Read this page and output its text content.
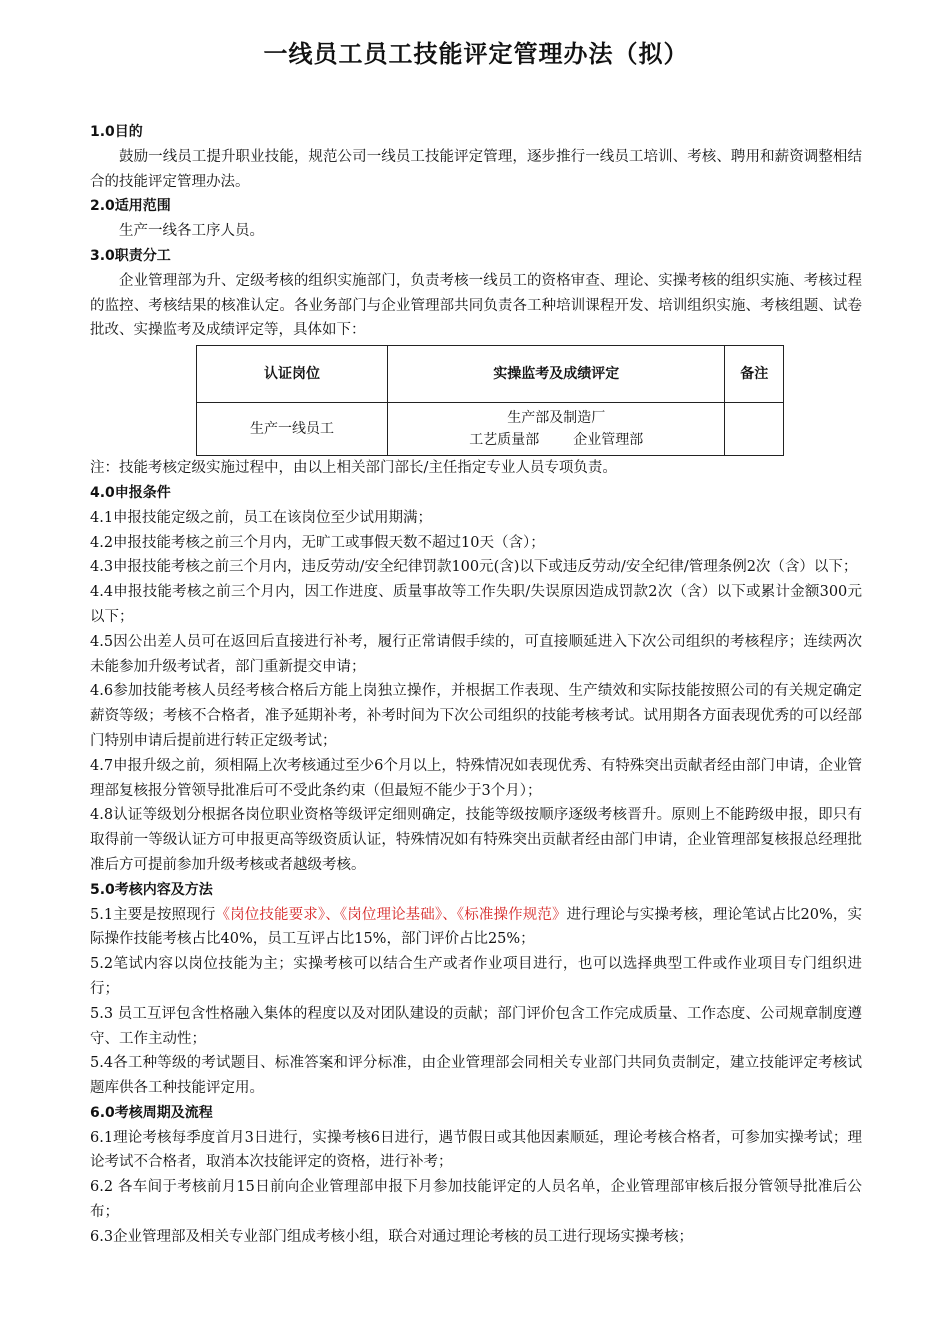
一线员工员工技能评定管理办法（拟）

1.0目的

鼓励一线员工提升职业技能，规范公司一线员工技能评定管理，逐步推行一线员工培训、考核、聘用和薪资调整相结合的技能评定管理办法。

2.0适用范围

生产一线各工序人员。

3.0职责分工

企业管理部为升、定级考核的组织实施部门，负责考核一线员工的资格审查、理论、实操考核的组织实施、考核过程的监控、考核结果的核准认定。各业务部门与企业管理部共同负责各工种培训课程开发、培训组织实施、考核组题、试卷批改、实操监考及成绩评定等，具体如下：

认证岗位	实操监考及成绩评定	备注
生产一线员工	生产部及制造厂
工艺质量部 企业管理部	

注：技能考核定级实施过程中，由以上相关部门部长/主任指定专业人员专项负责。

4.0申报条件

4.1申报技能定级之前，员工在该岗位至少试用期满；

4.2申报技能考核之前三个月内，无旷工或事假天数不超过10天（含）；

4.3申报技能考核之前三个月内，违反劳动/安全纪律罚款100元(含)以下或违反劳动/安全纪律/管理条例2次（含）以下；

4.4申报技能考核之前三个月内，因工作进度、质量事故等工作失职/失误原因造成罚款2次（含）以下或累计金额300元以下；

4.5因公出差人员可在返回后直接进行补考，履行正常请假手续的，可直接顺延进入下次公司组织的考核程序；连续两次未能参加升级考试者，部门重新提交申请；

4.6参加技能考核人员经考核合格后方能上岗独立操作，并根据工作表现、生产绩效和实际技能按照公司的有关规定确定薪资等级；考核不合格者，准予延期补考，补考时间为下次公司组织的技能考核考试。试用期各方面表现优秀的可以经部门特别申请后提前进行转正定级考试；

4.7申报升级之前，须相隔上次考核通过至少6个月以上，特殊情况如表现优秀、有特殊突出贡献者经由部门申请，企业管理部复核报分管领导批准后可不受此条约束（但最短不能少于3个月）；

4.8认证等级划分根据各岗位职业资格等级评定细则确定，技能等级按顺序逐级考核晋升。原则上不能跨级申报，即只有取得前一等级认证方可申报更高等级资质认证，特殊情况如有特殊突出贡献者经由部门申请，企业管理部复核报总经理批准后方可提前参加升级考核或者越级考核。

5.0考核内容及方法

5.1主要是按照现行《岗位技能要求》、《岗位理论基础》、《标准操作规范》进行理论与实操考核，理论笔试占比20%，实际操作技能考核占比40%，员工互评占比15%，部门评价占比25%；

5.2笔试内容以岗位技能为主；实操考核可以结合生产或者作业项目进行，也可以选择典型工件或作业项目专门组织进行；

5.3 员工互评包含性格融入集体的程度以及对团队建设的贡献；部门评价包含工作完成质量、工作态度、公司规章制度遵守、工作主动性；

5.4各工种等级的考试题目、标准答案和评分标准，由企业管理部会同相关专业部门共同负责制定，建立技能评定考核试题库供各工种技能评定用。

6.0考核周期及流程

6.1理论考核每季度首月3日进行，实操考核6日进行，遇节假日或其他因素顺延，理论考核合格者，可参加实操考试；理论考试不合格者，取消本次技能评定的资格，进行补考；

6.2 各车间于考核前月15日前向企业管理部申报下月参加技能评定的人员名单，企业管理部审核后报分管领导批准后公布；

6.3企业管理部及相关专业部门组成考核小组，联合对通过理论考核的员工进行现场实操考核；
